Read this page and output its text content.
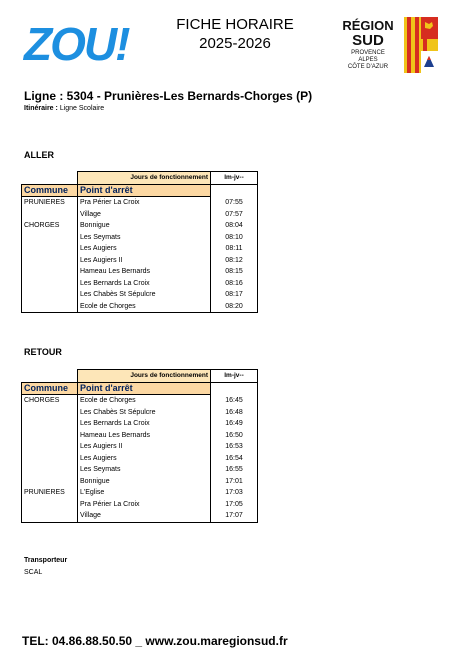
ZOU!	FICHE HORAIRE
2025-2026
RÉGION
SUD
PROVENCE
ALPES
CÔTE D'AZUR
Ligne : 5304 - Prunières-Les Bernards-Chorges (P)
Itinéraire : Ligne Scolaire
ALLER
	Jours de fonctionnement	lm-jv--
Commune	Point d'arrêt	
PRUNIERES	Pra Périer La Croix	07:55
	Village	07:57
CHORGES	Bonnigue	08:04
	Les Seymats	08:10
	Les Augiers	08:11
	Les Augiers II	08:12
	Hameau Les Bernards	08:15
	Les Bernards La Croix	08:16
	Les Chabès St Sépulcre	08:17
	Ecole de Chorges	08:20
RETOUR
	Jours de fonctionnement	lm-jv--
Commune	Point d'arrêt	
CHORGES	Ecole de Chorges	16:45
	Les Chabès St Sépulcre	16:48
	Les Bernards La Croix	16:49
	Hameau Les Bernards	16:50
	Les Augiers II	16:53
	Les Augiers	16:54
	Les Seymats	16:55
	Bonnigue	17:01
PRUNIERES	L'Eglise	17:03
	Pra Périer La Croix	17:05
	Village	17:07
Transporteur
SCAL
TEL: 04.86.88.50.50 _ www.zou.maregionsud.fr
